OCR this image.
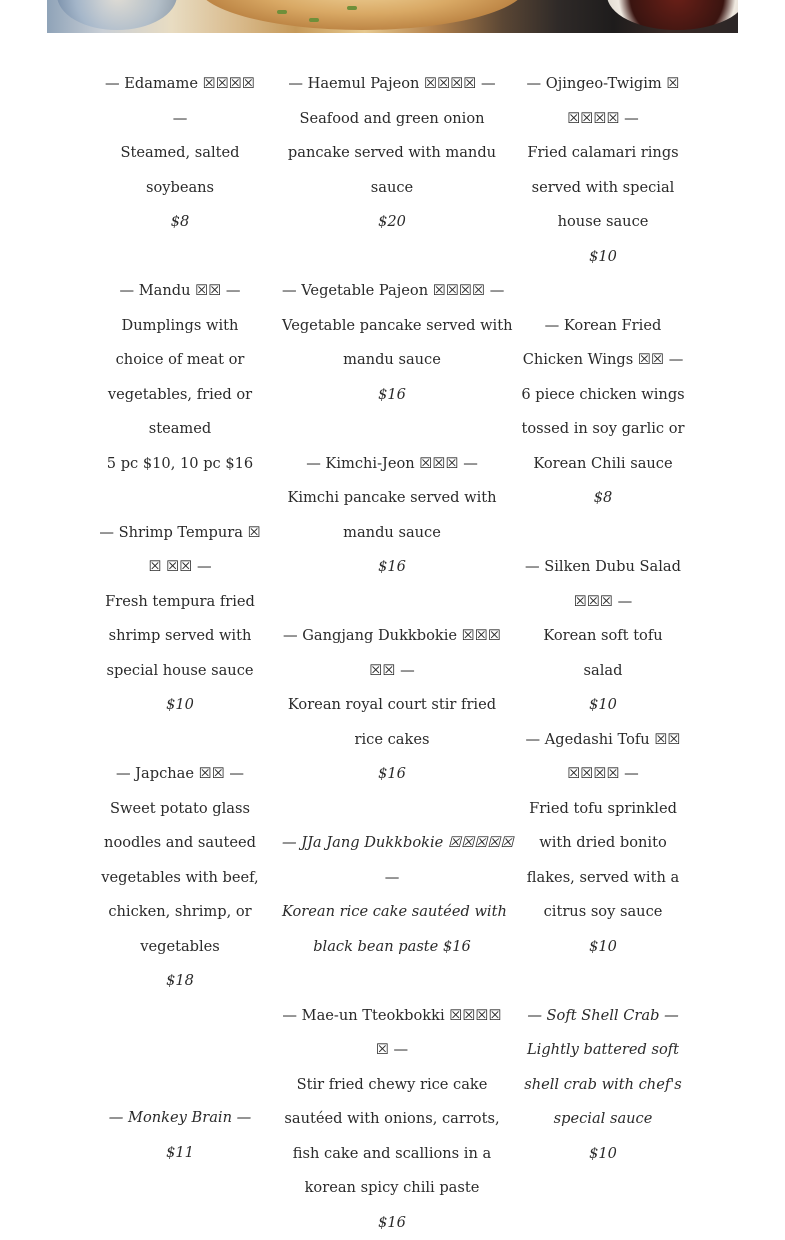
— Edamame ☒☒☒☒
—
Steamed, salted
soybeans
$8
— Mandu ☒☒ —
Dumplings with
choice of meat or
vegetables, fried or
steamed
5 pc $10, 10 pc $16
— Shrimp Tempura ☒
☒ ☒☒ —
Fresh tempura fried
shrimp served with
special house sauce
$10
— Japchae ☒☒ —
Sweet potato glass
noodles and sauteed
vegetables with beef,
chicken, shrimp, or
vegetables
$18
— Monkey Brain —
$11
— Haemul Pajeon ☒☒☒☒ —
Seafood and green onion
pancake served with mandu
sauce
$20
— Vegetable Pajeon ☒☒☒☒ —
Vegetable pancake served with
mandu sauce
$16
— Kimchi-Jeon ☒☒☒ —
Kimchi pancake served with
mandu sauce
$16
— Gangjang Dukkbokie ☒☒☒
☒☒ —
Korean royal court stir fried
rice cakes
$16
— JJa Jang Dukkbokie ☒☒☒☒☒
—
Korean rice cake sautéed with
black bean paste $16
— Mae-un Tteokbokki ☒☒☒☒
☒ —
Stir fried chewy rice cake
sautéed with onions, carrots,
fish cake and scallions in a
korean spicy chili paste
$16
— Ojingeo-Twigim ☒
☒☒☒☒ —
Fried calamari rings
served with special
house sauce
$10
— Korean Fried
Chicken Wings ☒☒ —
6 piece chicken wings
tossed in soy garlic or
Korean Chili sauce
$8
— Silken Dubu Salad
☒☒☒ —
Korean soft tofu
salad
$10
— Agedashi Tofu ☒☒
☒☒☒☒ —
Fried tofu sprinkled
with dried bonito
flakes, served with a
citrus soy sauce
$10
— Soft Shell Crab —
Lightly battered soft
shell crab with chef's
special sauce
$10
